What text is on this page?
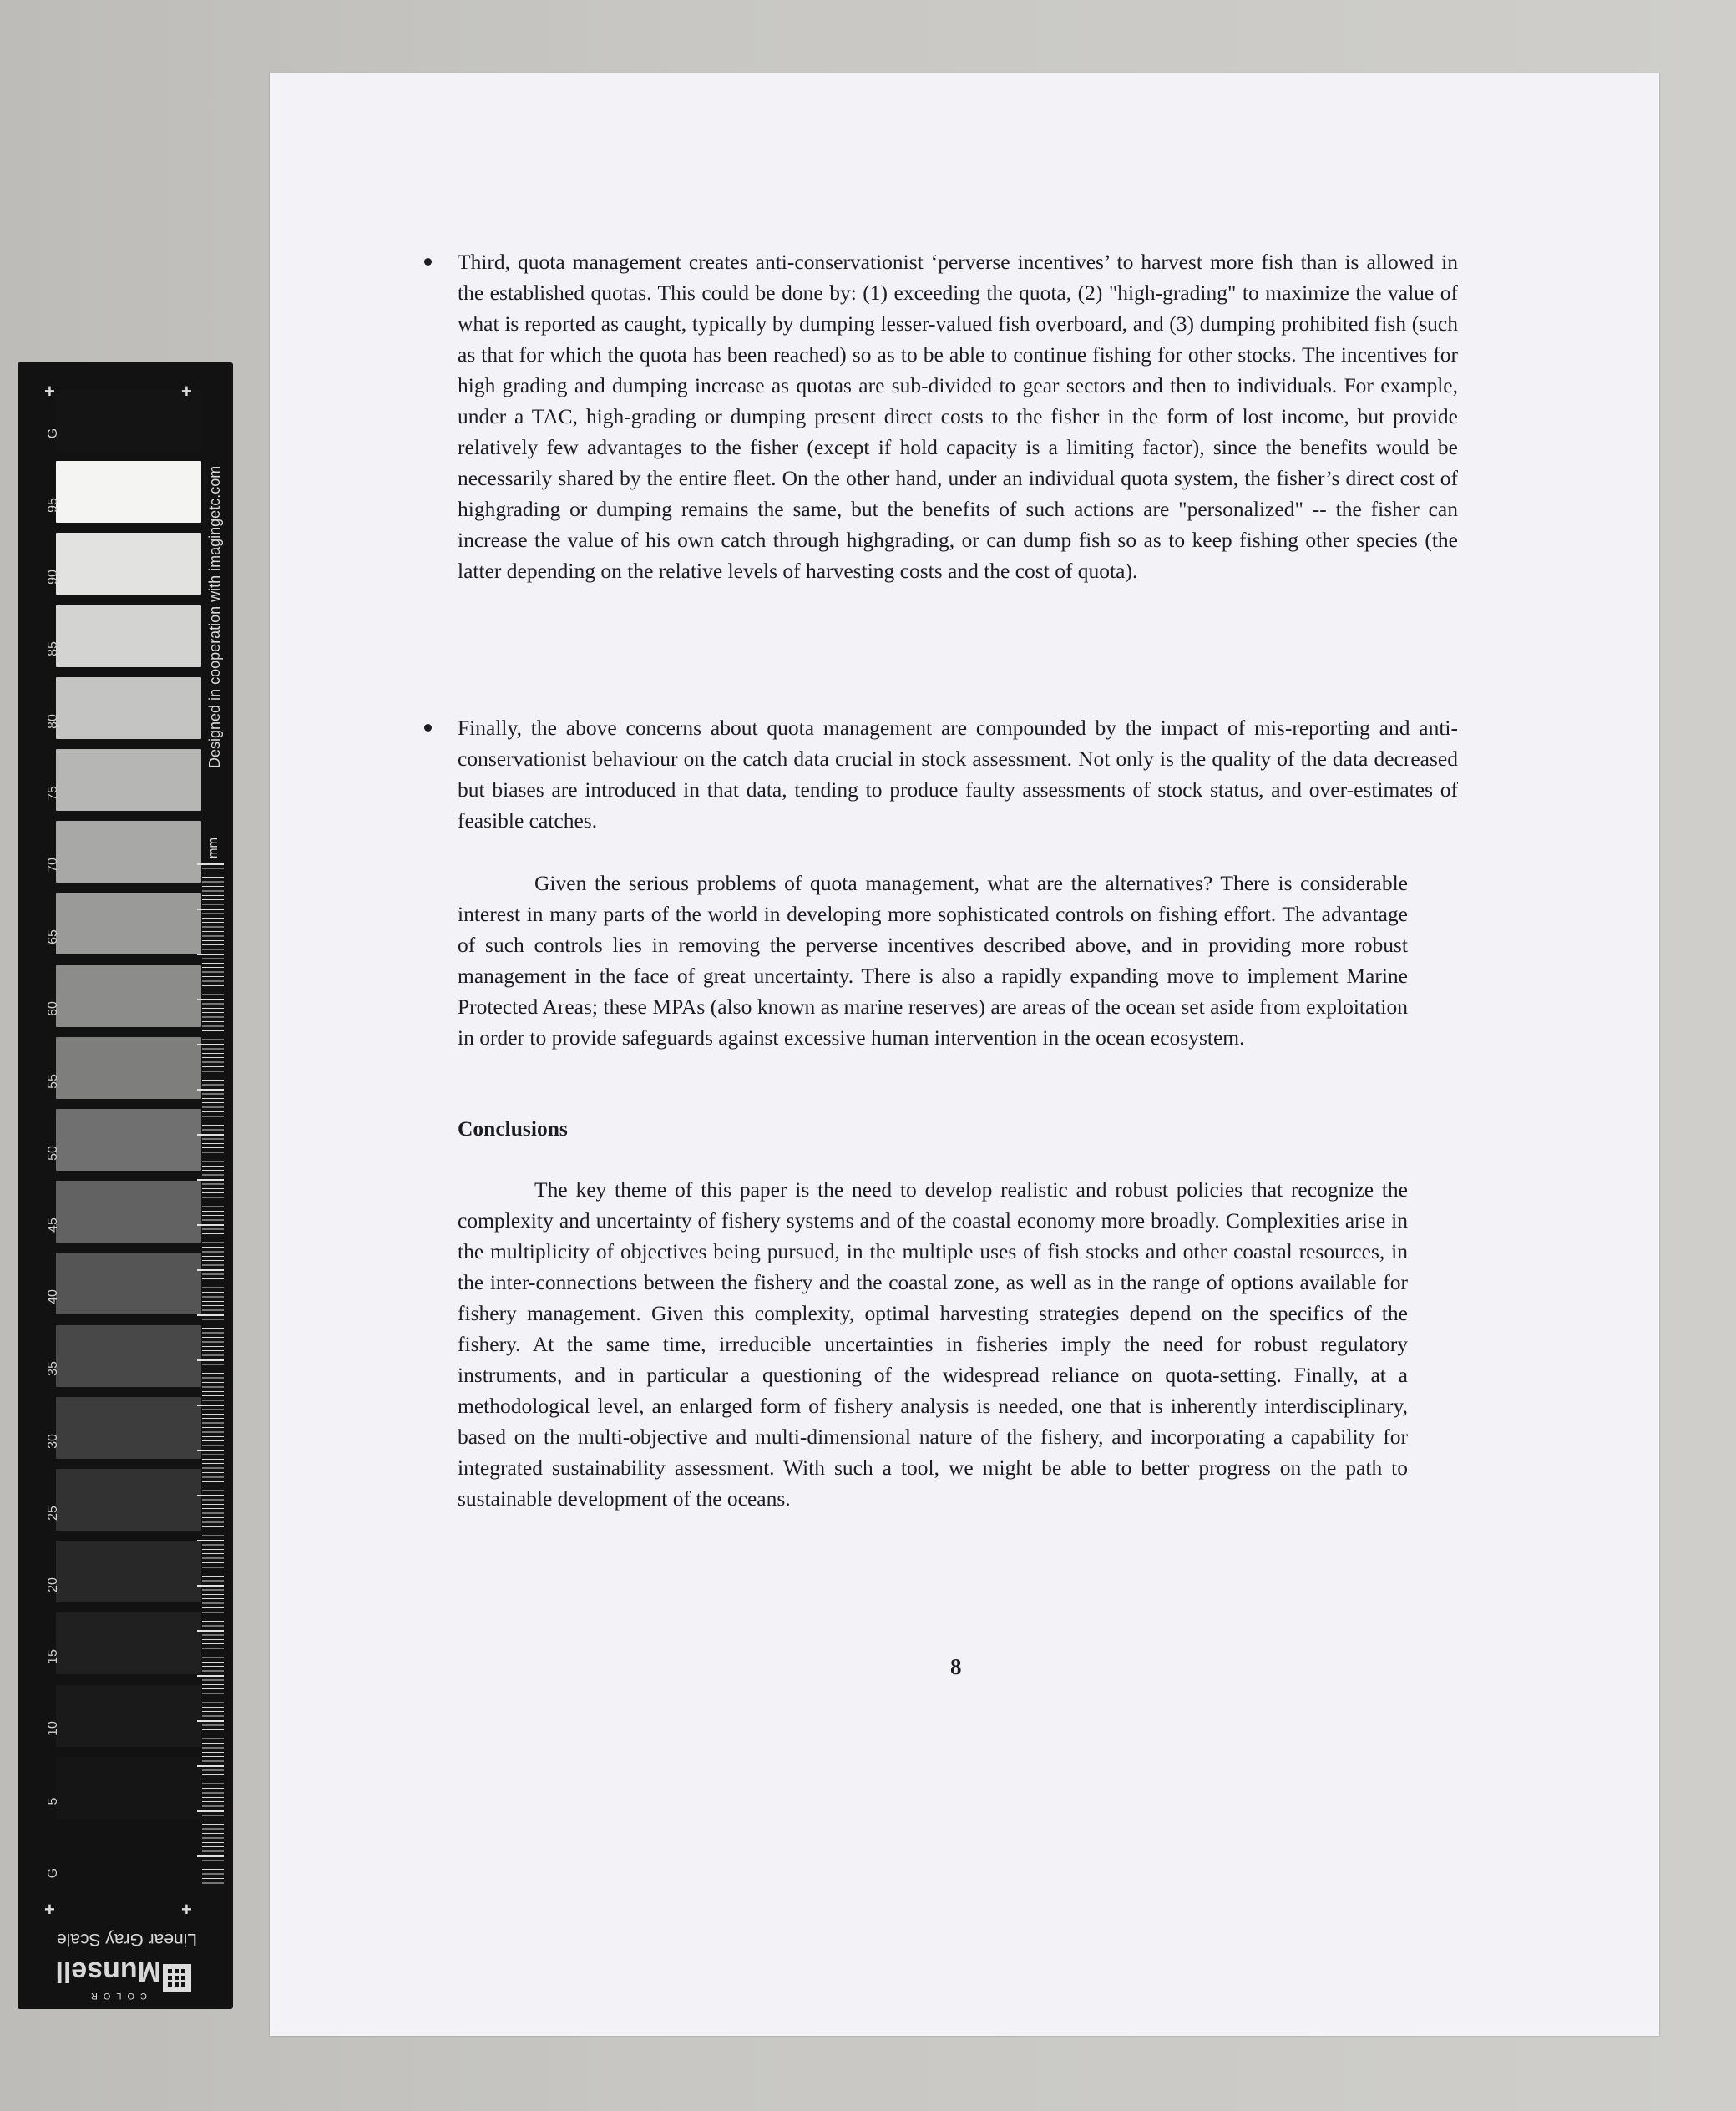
95
90
85
80
75
70
65
60
55
50
45
40
35
30
25
20
15
10
5
+	+
+	+
G
G
Designed in cooperation with imagingetc.com
mm
Linear Gray Scale
Munsell
COLOR

Third, quota management creates anti-conservationist ‘perverse incentives’ to harvest more fish than is allowed in the established quotas. This could be done by: (1) exceeding the quota, (2) "high-grading" to maximize the value of what is reported as caught, typically by dumping lesser-valued fish overboard, and (3) dumping prohibited fish (such as that for which the quota has been reached) so as to be able to continue fishing for other stocks. The incentives for high grading and dumping increase as quotas are sub-divided to gear sectors and then to individuals. For example, under a TAC, high-grading or dumping present direct costs to the fisher in the form of lost income, but provide relatively few advantages to the fisher (except if hold capacity is a limiting factor), since the benefits would be necessarily shared by the entire fleet. On the other hand, under an individual quota system, the fisher’s direct cost of highgrading or dumping remains the same, but the benefits of such actions are "personalized" -- the fisher can increase the value of his own catch through highgrading, or can dump fish so as to keep fishing other species (the latter depending on the relative levels of harvesting costs and the cost of quota).

Finally, the above concerns about quota management are compounded by the impact of mis-reporting and anti-conservationist behaviour on the catch data crucial in stock assessment. Not only is the quality of the data decreased but biases are introduced in that data, tending to produce faulty assessments of stock status, and over-estimates of feasible catches.

Given the serious problems of quota management, what are the alternatives? There is considerable interest in many parts of the world in developing more sophisticated controls on fishing effort. The advantage of such controls lies in removing the perverse incentives described above, and in providing more robust management in the face of great uncertainty. There is also a rapidly expanding move to implement Marine Protected Areas; these MPAs (also known as marine reserves) are areas of the ocean set aside from exploitation in order to provide safeguards against excessive human intervention in the ocean ecosystem.

Conclusions

The key theme of this paper is the need to develop realistic and robust policies that recognize the complexity and uncertainty of fishery systems and of the coastal economy more broadly. Complexities arise in the multiplicity of objectives being pursued, in the multiple uses of fish stocks and other coastal resources, in the inter-connections between the fishery and the coastal zone, as well as in the range of options available for fishery management. Given this complexity, optimal harvesting strategies depend on the specifics of the fishery. At the same time, irreducible uncertainties in fisheries imply the need for robust regulatory instruments, and in particular a questioning of the widespread reliance on quota-setting. Finally, at a methodological level, an enlarged form of fishery analysis is needed, one that is inherently interdisciplinary, based on the multi-objective and multi-dimensional nature of the fishery, and incorporating a capability for integrated sustainability assessment. With such a tool, we might be able to better progress on the path to sustainable development of the oceans.

8
